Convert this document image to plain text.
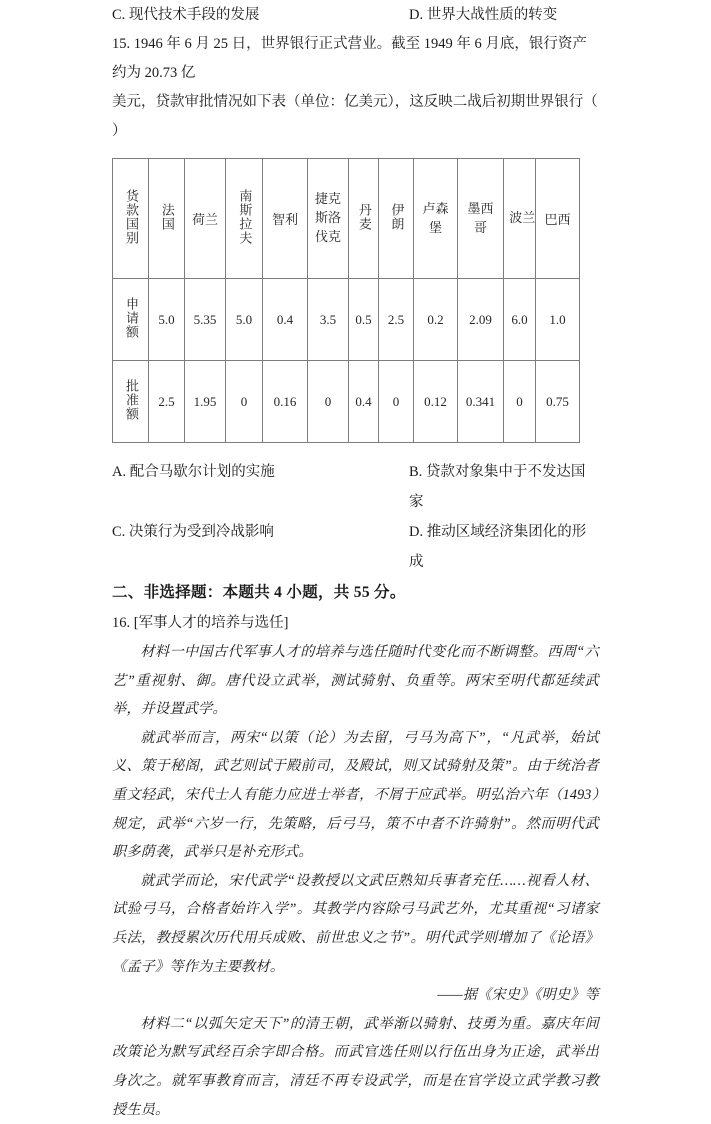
C. 现代技术手段的发展	D. 世界大战性质的转变
15. 1946 年 6 月 25 日，世界银行正式营业。截至 1949 年 6 月底，银行资产约为 20.73 亿
美元，贷款审批情况如下表（单位：亿美元），这反映二战后初期世界银行（ ）
货款国别	法国	荷兰	南斯拉夫	智利	捷克斯洛伐克	丹麦	伊朗	卢森堡	墨西哥	波兰	巴西
申请额	5.0	5.35	5.0	0.4	3.5	0.5	2.5	0.2	2.09	6.0	1.0
批准额	2.5	1.95	0	0.16	0	0.4	0	0.12	0.341	0	0.75
A. 配合马歇尔计划的实施	B. 贷款对象集中于不发达国家
C. 决策行为受到冷战影响	D. 推动区域经济集团化的形成
二、非选择题：本题共 4 小题，共 55 分。
16. [军事人才的培养与选任]
材料一中国古代军事人才的培养与选任随时代变化而不断调整。西周“六艺”重视射、御。唐代设立武举，测试骑射、负重等。两宋至明代都延续武举，并设置武学。
就武举而言，两宋“以策（论）为去留，弓马为高下”，“凡武举，始试义、策于秘阁，武艺则试于殿前司，及殿试，则又试骑射及策”。由于统治者重文轻武，宋代士人有能力应进士举者，不屑于应武举。明弘治六年（1493）规定，武举“六岁一行，先策略，后弓马，策不中者不许骑射”。然而明代武职多荫袭，武举只是补充形式。
就武学而论，宋代武学“设教授以文武臣熟知兵事者充任……视看人材、试验弓马，合格者始许入学”。其教学内容除弓马武艺外，尤其重视“习诸家兵法，教授累次历代用兵成败、前世忠义之节”。明代武学则增加了《论语》《孟子》等作为主要教材。
——据《宋史》《明史》等
材料二“以弧矢定天下”的清王朝，武举渐以骑射、技勇为重。嘉庆年间改策论为默写武经百余字即合格。而武官选任则以行伍出身为正途，武举出身次之。就军事教育而言，清廷不再专设武学，而是在官学设立武学教习教授生员。
